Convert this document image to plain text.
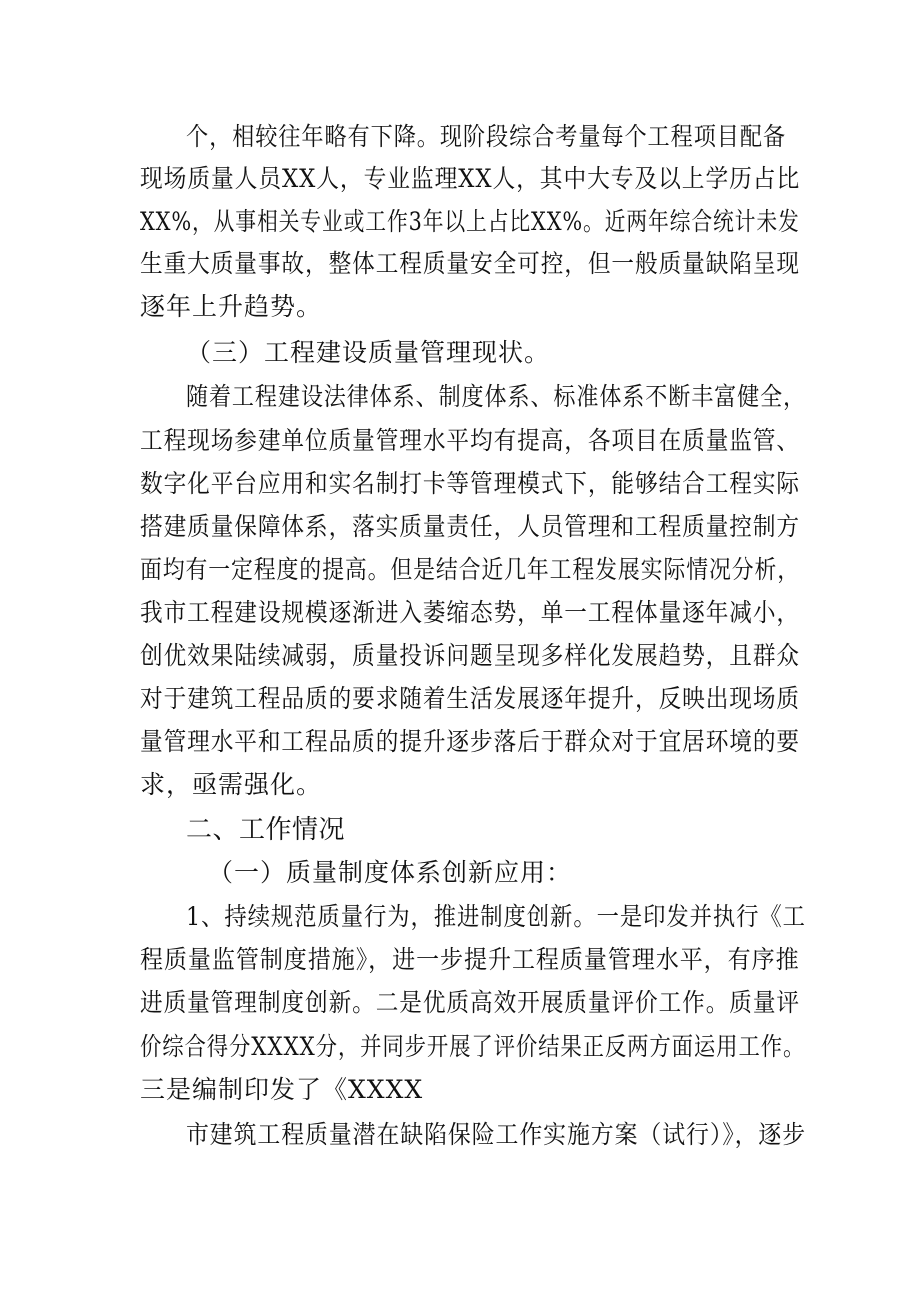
个，相较往年略有下降。现阶段综合考量每个工程项目配备
现场质量人员XX人，专业监理XX人，其中大专及以上学历占比
XX%，从事相关专业或工作3年以上占比XX%。近两年综合统计未发
生重大质量事故，整体工程质量安全可控，但一般质量缺陷呈现
逐年上升趋势。
（三）工程建设质量管理现状。
随着工程建设法律体系、制度体系、标准体系不断丰富健全，
工程现场参建单位质量管理水平均有提高，各项目在质量监管、
数字化平台应用和实名制打卡等管理模式下，能够结合工程实际
搭建质量保障体系，落实质量责任，人员管理和工程质量控制方
面均有一定程度的提高。但是结合近几年工程发展实际情况分析，
我市工程建设规模逐渐进入萎缩态势，单一工程体量逐年减小，
创优效果陆续减弱，质量投诉问题呈现多样化发展趋势，且群众
对于建筑工程品质的要求随着生活发展逐年提升，反映出现场质
量管理水平和工程品质的提升逐步落后于群众对于宜居环境的要
求，亟需强化。
二、工作情况
（一）质量制度体系创新应用：
1、持续规范质量行为，推进制度创新。一是印发并执行《工
程质量监管制度措施》，进一步提升工程质量管理水平，有序推
进质量管理制度创新。二是优质高效开展质量评价工作。质量评
价综合得分XXXX分，并同步开展了评价结果正反两方面运用工作。
三是编制印发了《XXXX
市建筑工程质量潜在缺陷保险工作实施方案（试行）》，逐步
